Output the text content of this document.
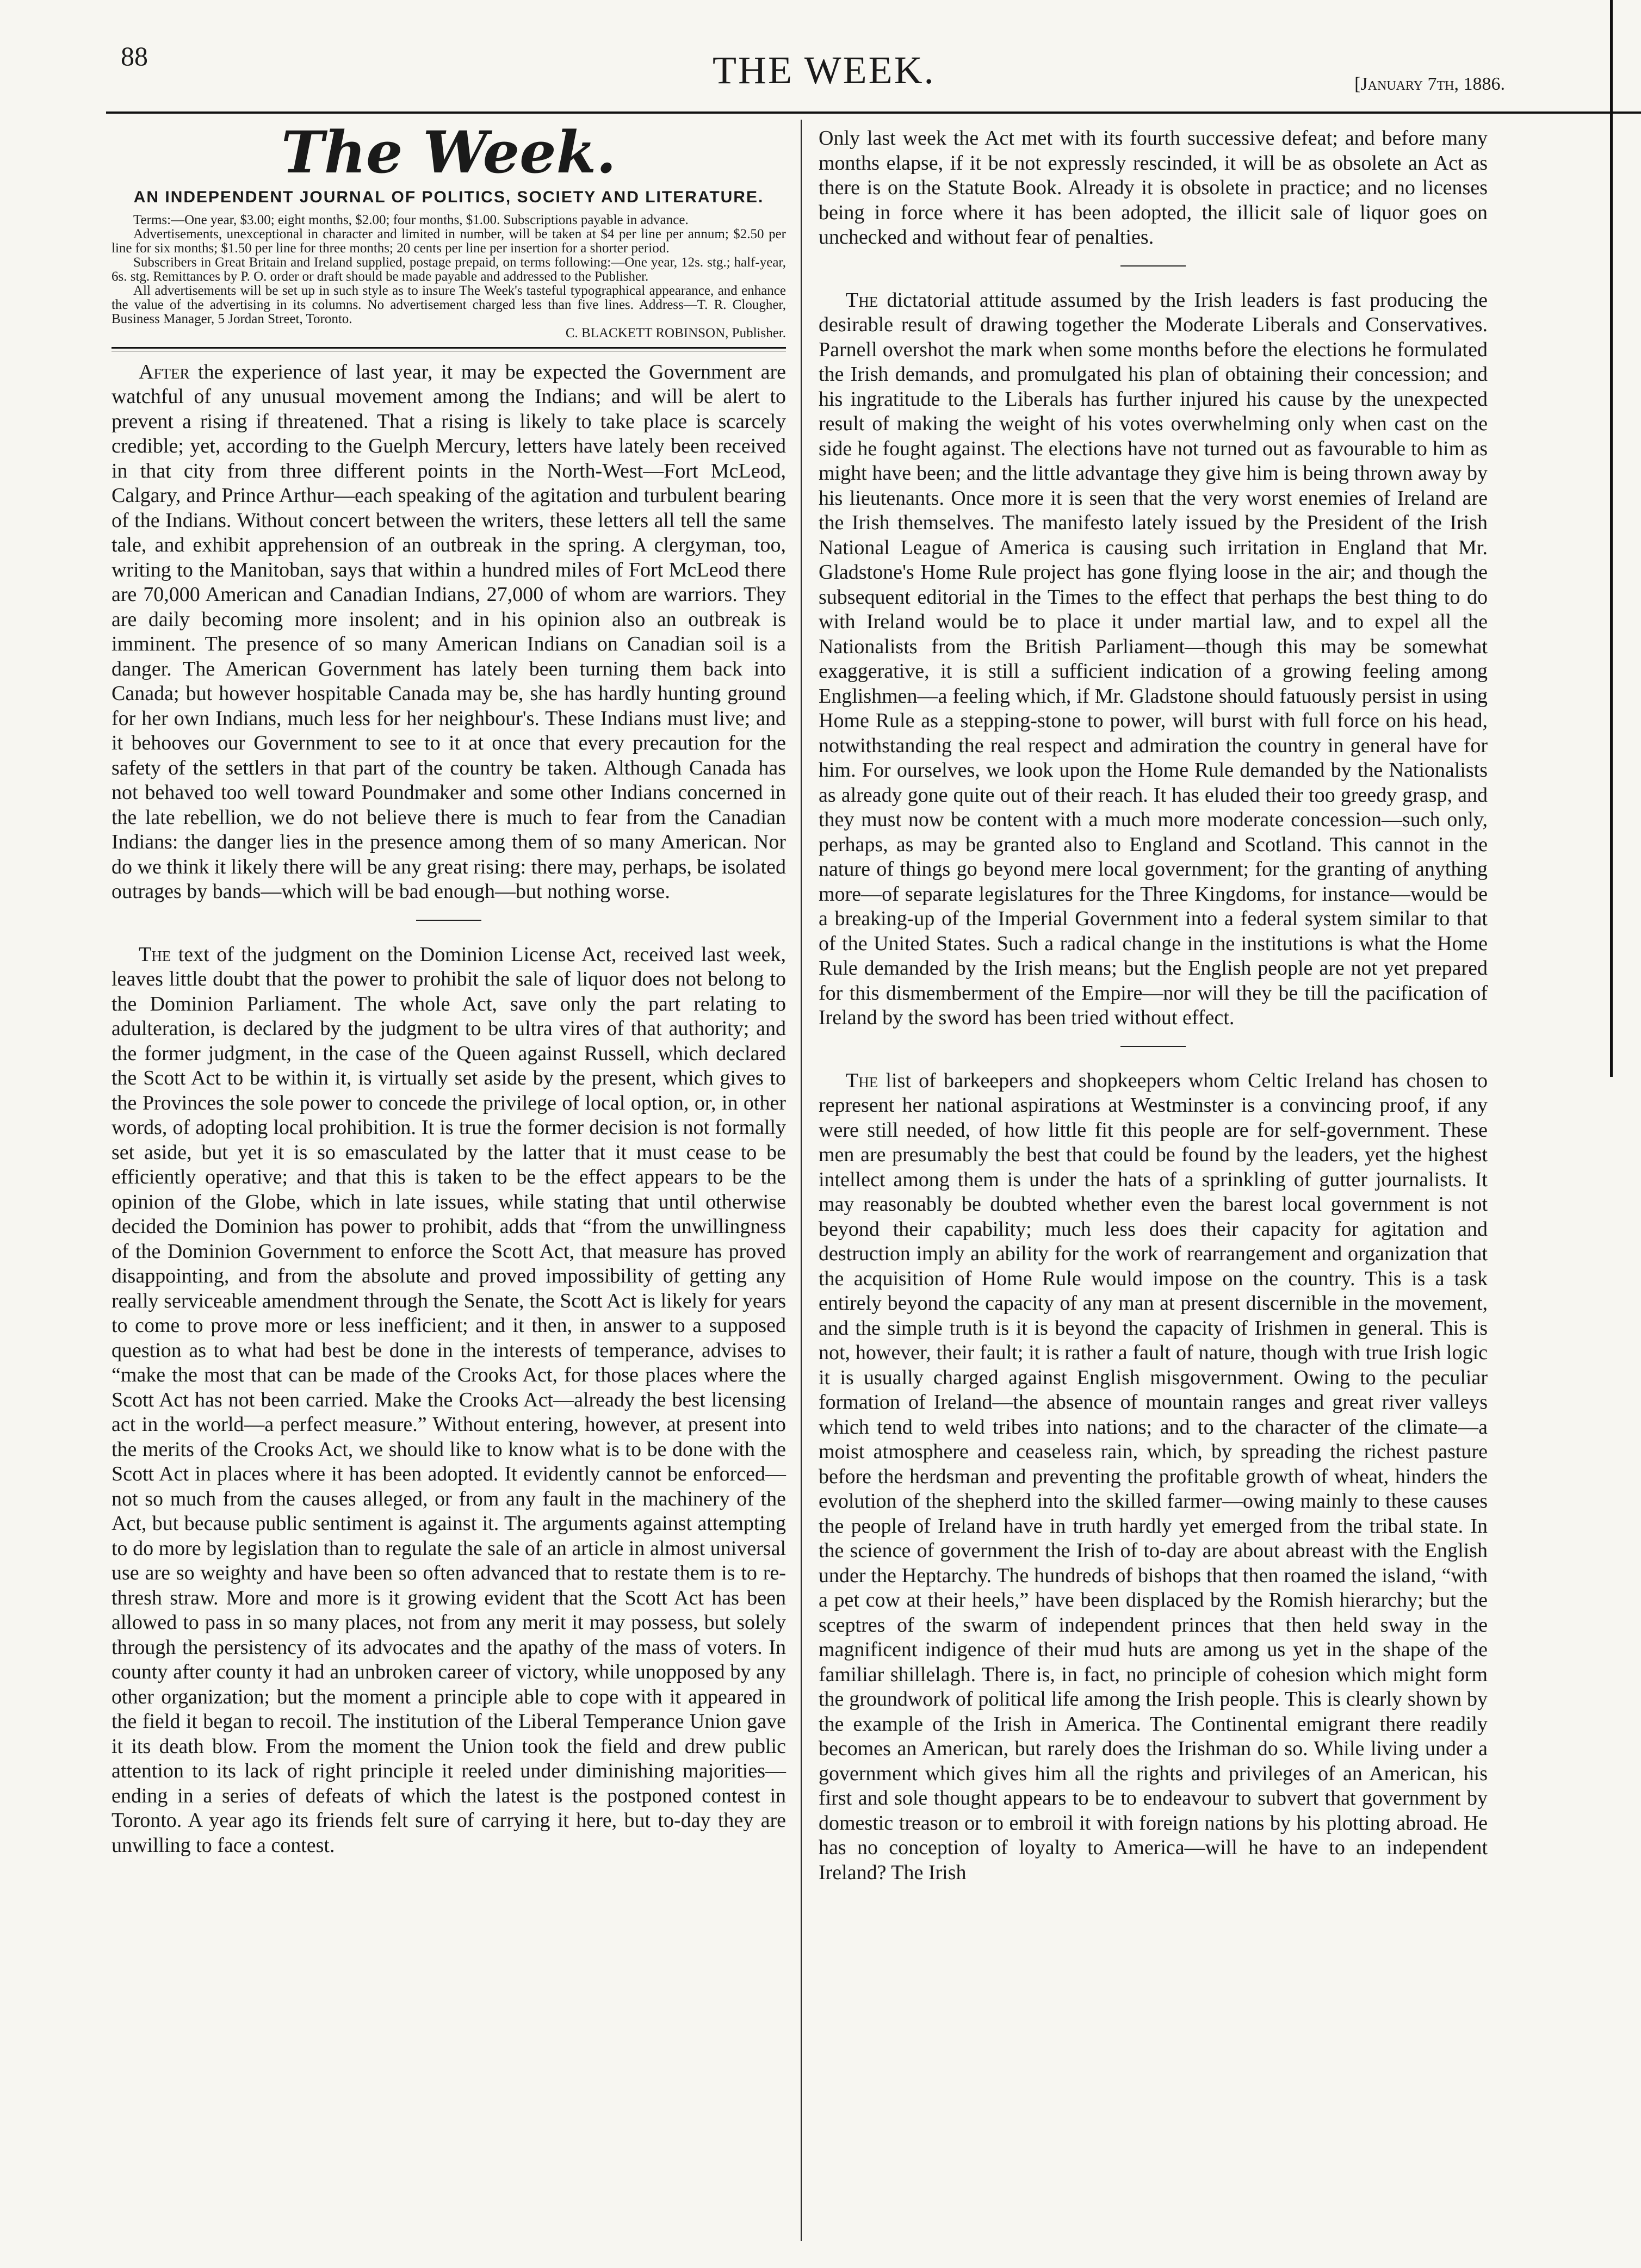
88	THE WEEK.	[January 7th, 1886.
The Week.
AN INDEPENDENT JOURNAL OF POLITICS, SOCIETY AND LITERATURE.

Terms:—One year, $3.00; eight months, $2.00; four months, $1.00. Subscriptions payable in advance.

Advertisements, unexceptional in character and limited in number, will be taken at $4 per line per annum; $2.50 per line for six months; $1.50 per line for three months; 20 cents per line per insertion for a shorter period.

Subscribers in Great Britain and Ireland supplied, postage prepaid, on terms following:—One year, 12s. stg.; half-year, 6s. stg. Remittances by P. O. order or draft should be made payable and addressed to the Publisher.

All advertisements will be set up in such style as to insure The Week's tasteful typographical appearance, and enhance the value of the advertising in its columns. No advertisement charged less than five lines. Address—T. R. Clougher, Business Manager, 5 Jordan Street, Toronto.

C. BLACKETT ROBINSON, Publisher.

After the experience of last year, it may be expected the Government are watchful of any unusual movement among the Indians; and will be alert to prevent a rising if threatened. That a rising is likely to take place is scarcely credible; yet, according to the Guelph Mercury, letters have lately been received in that city from three different points in the North-West—Fort McLeod, Calgary, and Prince Arthur—each speaking of the agitation and turbulent bearing of the Indians. Without concert between the writers, these letters all tell the same tale, and exhibit apprehension of an outbreak in the spring. A clergyman, too, writing to the Manitoban, says that within a hundred miles of Fort McLeod there are 70,000 American and Canadian Indians, 27,000 of whom are warriors. They are daily becoming more insolent; and in his opinion also an outbreak is imminent. The presence of so many American Indians on Canadian soil is a danger. The American Government has lately been turning them back into Canada; but however hospitable Canada may be, she has hardly hunting ground for her own Indians, much less for her neighbour's. These Indians must live; and it behooves our Government to see to it at once that every precaution for the safety of the settlers in that part of the country be taken. Although Canada has not behaved too well toward Poundmaker and some other Indians concerned in the late rebellion, we do not believe there is much to fear from the Canadian Indians: the danger lies in the presence among them of so many American. Nor do we think it likely there will be any great rising: there may, perhaps, be isolated outrages by bands—which will be bad enough—but nothing worse.

The text of the judgment on the Dominion License Act, received last week, leaves little doubt that the power to prohibit the sale of liquor does not belong to the Dominion Parliament. The whole Act, save only the part relating to adulteration, is declared by the judgment to be ultra vires of that authority; and the former judgment, in the case of the Queen against Russell, which declared the Scott Act to be within it, is virtually set aside by the present, which gives to the Provinces the sole power to concede the privilege of local option, or, in other words, of adopting local prohibition. It is true the former decision is not formally set aside, but yet it is so emasculated by the latter that it must cease to be efficiently operative; and that this is taken to be the effect appears to be the opinion of the Globe, which in late issues, while stating that until otherwise decided the Dominion has power to prohibit, adds that “from the unwillingness of the Dominion Government to enforce the Scott Act, that measure has proved disappointing, and from the absolute and proved impossibility of getting any really serviceable amendment through the Senate, the Scott Act is likely for years to come to prove more or less inefficient; and it then, in answer to a supposed question as to what had best be done in the interests of temperance, advises to “make the most that can be made of the Crooks Act, for those places where the Scott Act has not been carried. Make the Crooks Act—already the best licensing act in the world—a perfect measure.” Without entering, however, at present into the merits of the Crooks Act, we should like to know what is to be done with the Scott Act in places where it has been adopted. It evidently cannot be enforced—not so much from the causes alleged, or from any fault in the machinery of the Act, but because public sentiment is against it. The arguments against attempting to do more by legislation than to regulate the sale of an article in almost universal use are so weighty and have been so often advanced that to restate them is to re-thresh straw. More and more is it growing evident that the Scott Act has been allowed to pass in so many places, not from any merit it may possess, but solely through the persistency of its advocates and the apathy of the mass of voters. In county after county it had an unbroken career of victory, while unopposed by any other organization; but the moment a principle able to cope with it appeared in the field it began to recoil. The institution of the Liberal Temperance Union gave it its death blow. From the moment the Union took the field and drew public attention to its lack of right principle it reeled under diminishing majorities—ending in a series of defeats of which the latest is the postponed contest in Toronto. A year ago its friends felt sure of carrying it here, but to-day they are unwilling to face a contest.

Only last week the Act met with its fourth successive defeat; and before many months elapse, if it be not expressly rescinded, it will be as obsolete an Act as there is on the Statute Book. Already it is obsolete in practice; and no licenses being in force where it has been adopted, the illicit sale of liquor goes on unchecked and without fear of penalties.

The dictatorial attitude assumed by the Irish leaders is fast producing the desirable result of drawing together the Moderate Liberals and Conservatives. Parnell overshot the mark when some months before the elections he formulated the Irish demands, and promulgated his plan of obtaining their concession; and his ingratitude to the Liberals has further injured his cause by the unexpected result of making the weight of his votes overwhelming only when cast on the side he fought against. The elections have not turned out as favourable to him as might have been; and the little advantage they give him is being thrown away by his lieutenants. Once more it is seen that the very worst enemies of Ireland are the Irish themselves. The manifesto lately issued by the President of the Irish National League of America is causing such irritation in England that Mr. Gladstone's Home Rule project has gone flying loose in the air; and though the subsequent editorial in the Times to the effect that perhaps the best thing to do with Ireland would be to place it under martial law, and to expel all the Nationalists from the British Parliament—though this may be somewhat exaggerative, it is still a sufficient indication of a growing feeling among Englishmen—a feeling which, if Mr. Gladstone should fatuously persist in using Home Rule as a stepping-stone to power, will burst with full force on his head, notwithstanding the real respect and admiration the country in general have for him. For ourselves, we look upon the Home Rule demanded by the Nationalists as already gone quite out of their reach. It has eluded their too greedy grasp, and they must now be content with a much more moderate concession—such only, perhaps, as may be granted also to England and Scotland. This cannot in the nature of things go beyond mere local government; for the granting of anything more—of separate legislatures for the Three Kingdoms, for instance—would be a breaking-up of the Imperial Government into a federal system similar to that of the United States. Such a radical change in the institutions is what the Home Rule demanded by the Irish means; but the English people are not yet prepared for this dismemberment of the Empire—nor will they be till the pacification of Ireland by the sword has been tried without effect.

The list of barkeepers and shopkeepers whom Celtic Ireland has chosen to represent her national aspirations at Westminster is a convincing proof, if any were still needed, of how little fit this people are for self-government. These men are presumably the best that could be found by the leaders, yet the highest intellect among them is under the hats of a sprinkling of gutter journalists. It may reasonably be doubted whether even the barest local government is not beyond their capability; much less does their capacity for agitation and destruction imply an ability for the work of rearrangement and organization that the acquisition of Home Rule would impose on the country. This is a task entirely beyond the capacity of any man at present discernible in the movement, and the simple truth is it is beyond the capacity of Irishmen in general. This is not, however, their fault; it is rather a fault of nature, though with true Irish logic it is usually charged against English misgovernment. Owing to the peculiar formation of Ireland—the absence of mountain ranges and great river valleys which tend to weld tribes into nations; and to the character of the climate—a moist atmosphere and ceaseless rain, which, by spreading the richest pasture before the herdsman and preventing the profitable growth of wheat, hinders the evolution of the shepherd into the skilled farmer—owing mainly to these causes the people of Ireland have in truth hardly yet emerged from the tribal state. In the science of government the Irish of to-day are about abreast with the English under the Heptarchy. The hundreds of bishops that then roamed the island, “with a pet cow at their heels,” have been displaced by the Romish hierarchy; but the sceptres of the swarm of independent princes that then held sway in the magnificent indigence of their mud huts are among us yet in the shape of the familiar shillelagh. There is, in fact, no principle of cohesion which might form the groundwork of political life among the Irish people. This is clearly shown by the example of the Irish in America. The Continental emigrant there readily becomes an American, but rarely does the Irishman do so. While living under a government which gives him all the rights and privileges of an American, his first and sole thought appears to be to endeavour to subvert that government by domestic treason or to embroil it with foreign nations by his plotting abroad. He has no conception of loyalty to America—will he have to an independent Ireland? The Irish
